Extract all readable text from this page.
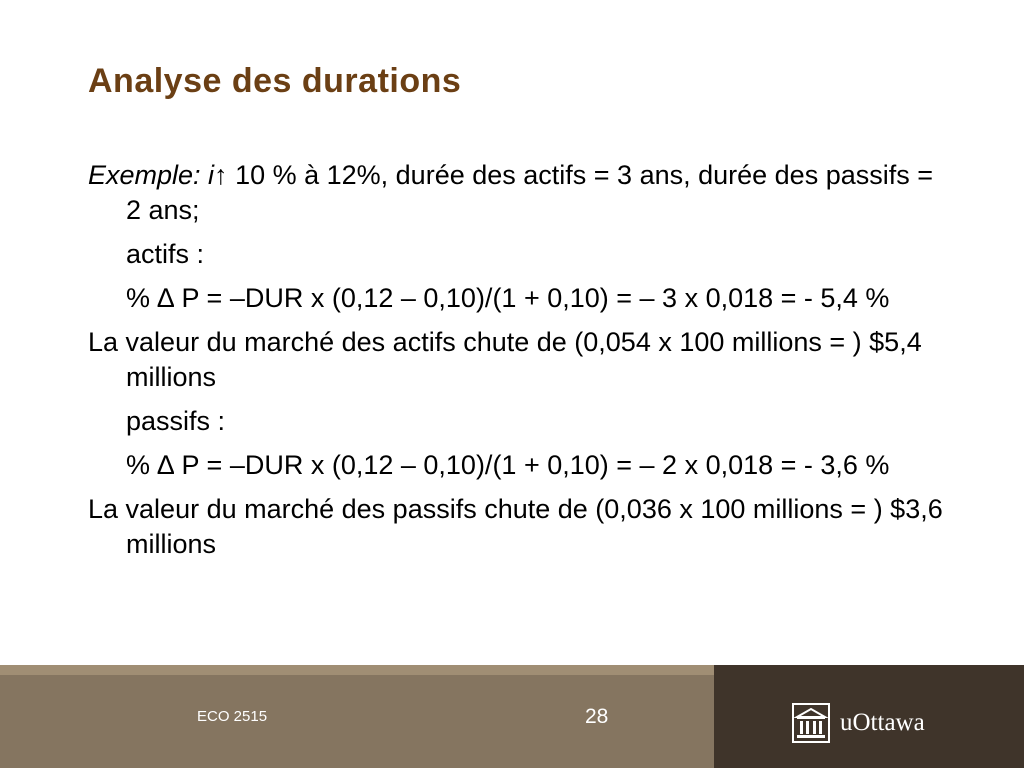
Analyse des durations

Exemple: i↑ 10 % à 12%, durée des actifs = 3 ans, durée des passifs = 2 ans;

actifs :

% ∆ P = –DUR x (0,12 – 0,10)/(1 + 0,10) = – 3 x 0,018 = - 5,4 %

La valeur du marché des actifs chute de (0,054 x 100 millions = ) $5,4 millions

passifs :

% ∆ P = –DUR x (0,12 – 0,10)/(1 + 0,10) = – 2 x 0,018 = - 3,6 %

La valeur du marché des passifs chute de (0,036 x 100 millions = ) $3,6 millions

ECO 2515	28	uOttawa
